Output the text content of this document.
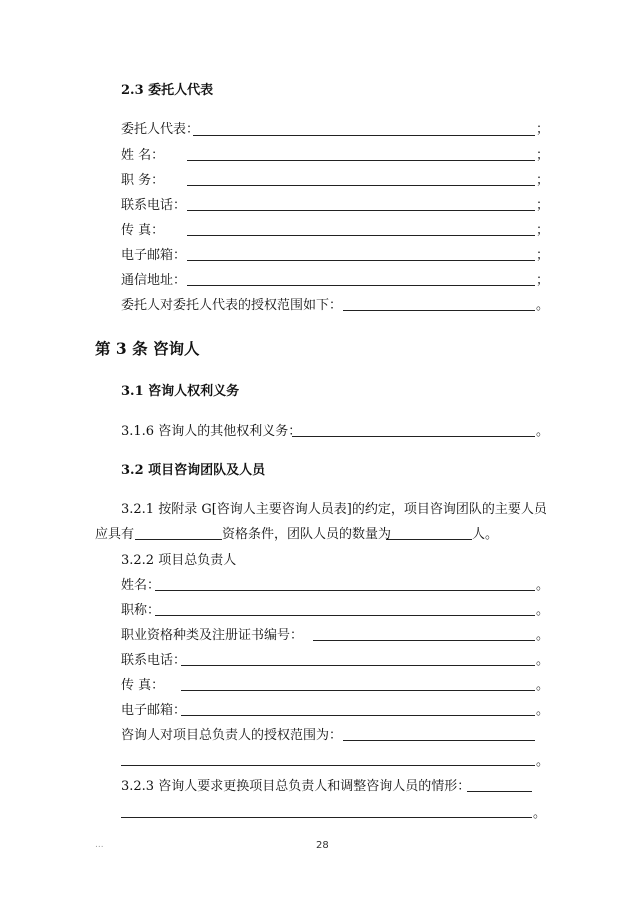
2.3 委托人代表
委托人代表：	；
姓 名：	；
职 务：	；
联系电话：	；
传 真：	；
电子邮箱：	；
通信地址：	；
委托人对委托人代表的授权范围如下：	。
第 3 条 咨询人
3.1 咨询人权利义务
3.1.6 咨询人的其他权利义务：	。
3.2 项目咨询团队及人员
3.2.1 按附录 G[咨询人主要咨询人员表]的约定，项目咨询团队的主要人员
应具有	资格条件，团队人员的数量为	人。
3.2.2 项目总负责人
姓名：	。
职称：	。
职业资格种类及注册证书编号：	。
联系电话：	。
传 真：	。
电子邮箱：	。
咨询人对项目总负责人的授权范围为：
。
3.2.3 咨询人要求更换项目总负责人和调整咨询人员的情形：
。
...	28
